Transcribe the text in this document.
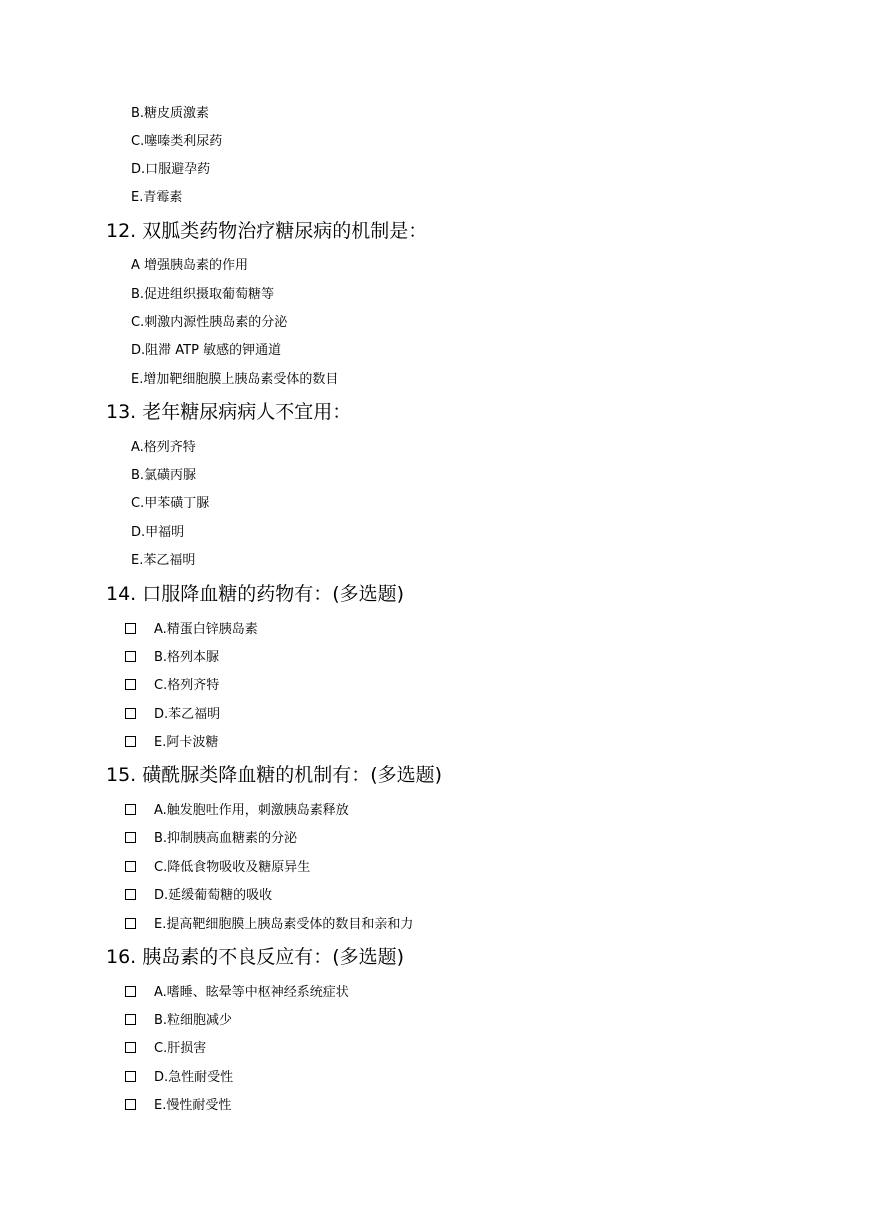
B.糖皮质激素
C.噻嗪类利尿药
D.口服避孕药
E.青霉素
12. 双胍类药物治疗糖尿病的机制是：
A 增强胰岛素的作用
B.促进组织摄取葡萄糖等
C.刺激内源性胰岛素的分泌
D.阻滞 ATP 敏感的钾通道
E.增加靶细胞膜上胰岛素受体的数目
13. 老年糖尿病病人不宜用：
A.格列齐特
B.氯磺丙脲
C.甲苯磺丁脲
D.甲福明
E.苯乙福明
14. 口服降血糖的药物有：(多选题)
A.精蛋白锌胰岛素
B.格列本脲
C.格列齐特
D.苯乙福明
E.阿卡波糖
15. 磺酰脲类降血糖的机制有：(多选题)
A.触发胞吐作用，刺激胰岛素释放
B.抑制胰高血糖素的分泌
C.降低食物吸收及糖原异生
D.延缓葡萄糖的吸收
E.提高靶细胞膜上胰岛素受体的数目和亲和力
16. 胰岛素的不良反应有：(多选题)
A.嗜睡、眩晕等中枢神经系统症状
B.粒细胞减少
C.肝损害
D.急性耐受性
E.慢性耐受性
